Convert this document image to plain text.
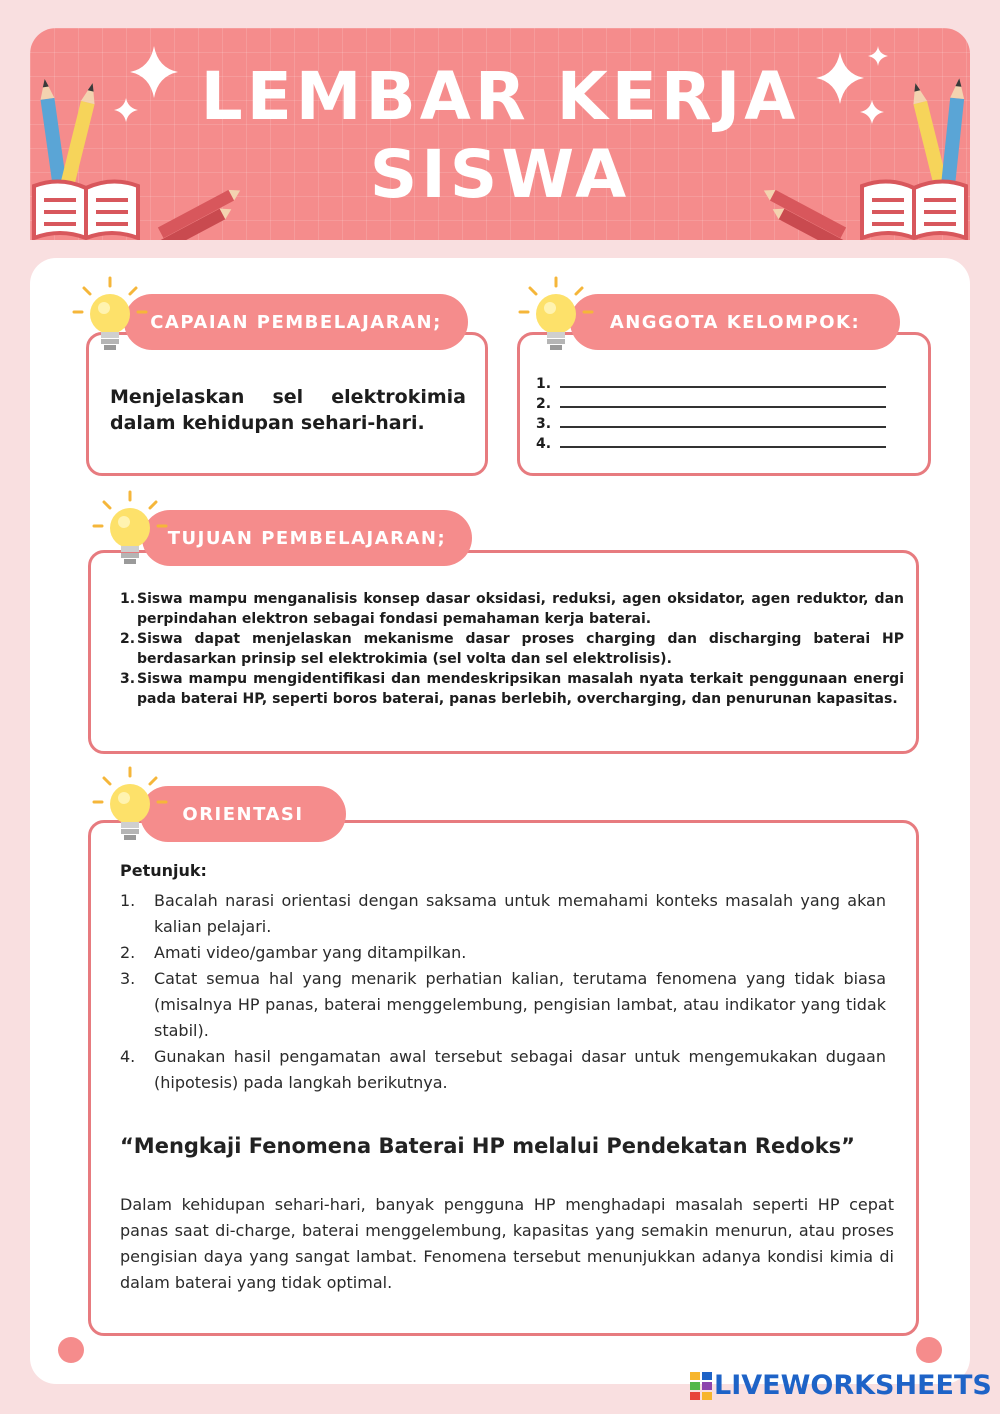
LEMBAR KERJA
SISWA
CAPAIAN PEMBELAJARAN;
Menjelaskan sel elektrokimia dalam kehidupan sehari-hari.
ANGGOTA KELOMPOK:
1.
2.
3.
4.
TUJUAN PEMBELAJARAN;
1. Siswa mampu menganalisis konsep dasar oksidasi, reduksi, agen oksidator, agen reduktor, dan perpindahan elektron sebagai fondasi pemahaman kerja baterai.
2. Siswa dapat menjelaskan mekanisme dasar proses charging dan discharging baterai HP berdasarkan prinsip sel elektrokimia (sel volta dan sel elektrolisis).
3. Siswa mampu mengidentifikasi dan mendeskripsikan masalah nyata terkait penggunaan energi pada baterai HP, seperti boros baterai, panas berlebih, overcharging, dan penurunan kapasitas.
ORIENTASI
Petunjuk:
1.	Bacalah narasi orientasi dengan saksama untuk memahami konteks masalah yang akan kalian pelajari.
2.	Amati video/gambar yang ditampilkan.
3.	Catat semua hal yang menarik perhatian kalian, terutama fenomena yang tidak biasa (misalnya HP panas, baterai menggelembung, pengisian lambat, atau indikator yang tidak stabil).
4.	Gunakan hasil pengamatan awal tersebut sebagai dasar untuk mengemukakan dugaan (hipotesis) pada langkah berikutnya.
“Mengkaji Fenomena Baterai HP melalui Pendekatan Redoks”
Dalam kehidupan sehari-hari, banyak pengguna HP menghadapi masalah seperti HP cepat panas saat di-charge, baterai menggelembung, kapasitas yang semakin menurun, atau proses pengisian daya yang sangat lambat. Fenomena tersebut menunjukkan adanya kondisi kimia di dalam baterai yang tidak optimal.
LIVEWORKSHEETS
